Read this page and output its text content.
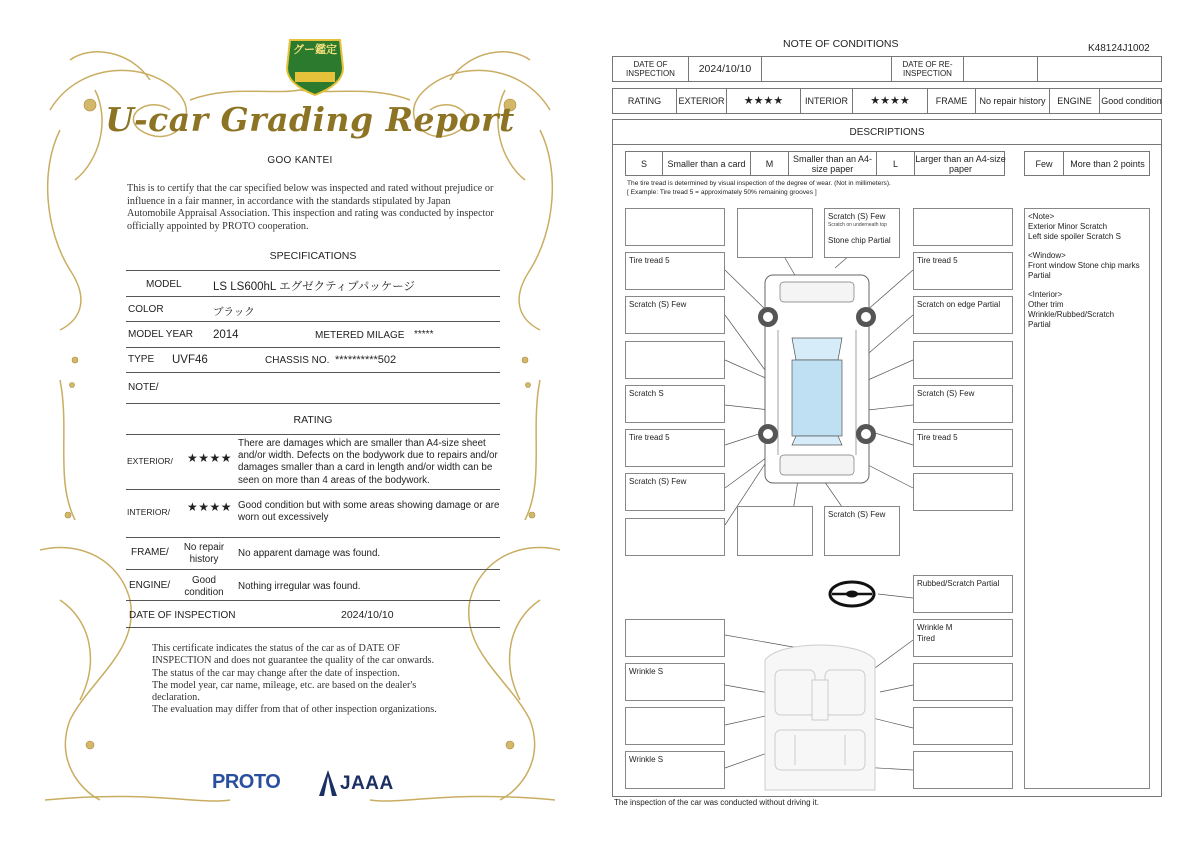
グー鑑定
U-car Grading Report
GOO KANTEI
This is to certify that the car specified below was inspected and rated without prejudice or influence in a fair manner, in accordance with the standards stipulated by Japan Automobile Appraisal Association. This inspection and rating was conducted by inspector officially appointed by PROTO cooperation.
SPECIFICATIONS
MODEL	LS LS600hL エグゼクティブパッケージ
COLOR	ブラック
MODEL YEAR 2014	METERED MILAGE *****
TYPE UVF46	CHASSIS NO. **********502
NOTE/
RATING
EXTERIOR/ ★★★★
There are damages which are smaller than A4-size sheet and/or width. Defects on the bodywork due to repairs and/or damages smaller than a card in length and/or width can be seen on more than 4 areas of the bodywork.
INTERIOR/ ★★★★ Good condition but with some areas showing damage or are worn out excessively
FRAME/	No repair history	No apparent damage was found.
ENGINE/	Good condition	Nothing irregular was found.
DATE OF INSPECTION	2024/10/10
This certificate indicates the status of the car as of DATE OF
INSPECTION and does not guarantee the quality of the car onwards.
The status of the car may change after the date of inspection.
The model year, car name, mileage, etc. are based on the dealer's
declaration.
The evaluation may differ from that of other inspection organizations.
PROTO	JAAA
NOTE OF CONDITIONS	K48124J1002
DATE OF INSPECTION	2024/10/10	DATE OF RE-INSPECTION
RATING	EXTERIOR	★★★★	INTERIOR	★★★★	FRAME	No repair history	ENGINE	Good condition
DESCRIPTIONS
S	Smaller than a card	M	Smaller than an A4-size paper	L	Larger than an A4-size paper	Few	More than 2 points
The tire tread is determined by visual inspection of the degree of wear. (Not in millimeters).
[ Example: Tire tread 5 = approximately 50% remaining grooves ]
Tire tread 5
Scratch (S) Few
Scratch S
Tire tread 5
Scratch (S) Few
Scratch (S) Few
Scratch on underneath top
Stone chip Partial
Scratch (S) Few
Tire tread 5
Scratch on edge Partial
Scratch (S) Few
Tire tread 5
Rubbed/Scratch Partial
Wrinkle M
Tired
Wrinkle S
Wrinkle S
<Note>
Exterior Minor Scratch
Left side spoiler Scratch S
<Window>
Front window Stone chip marks
Partial
<Interior>
Other trim
Wrinkle/Rubbed/Scratch
Partial
The inspection of the car was conducted without driving it.
